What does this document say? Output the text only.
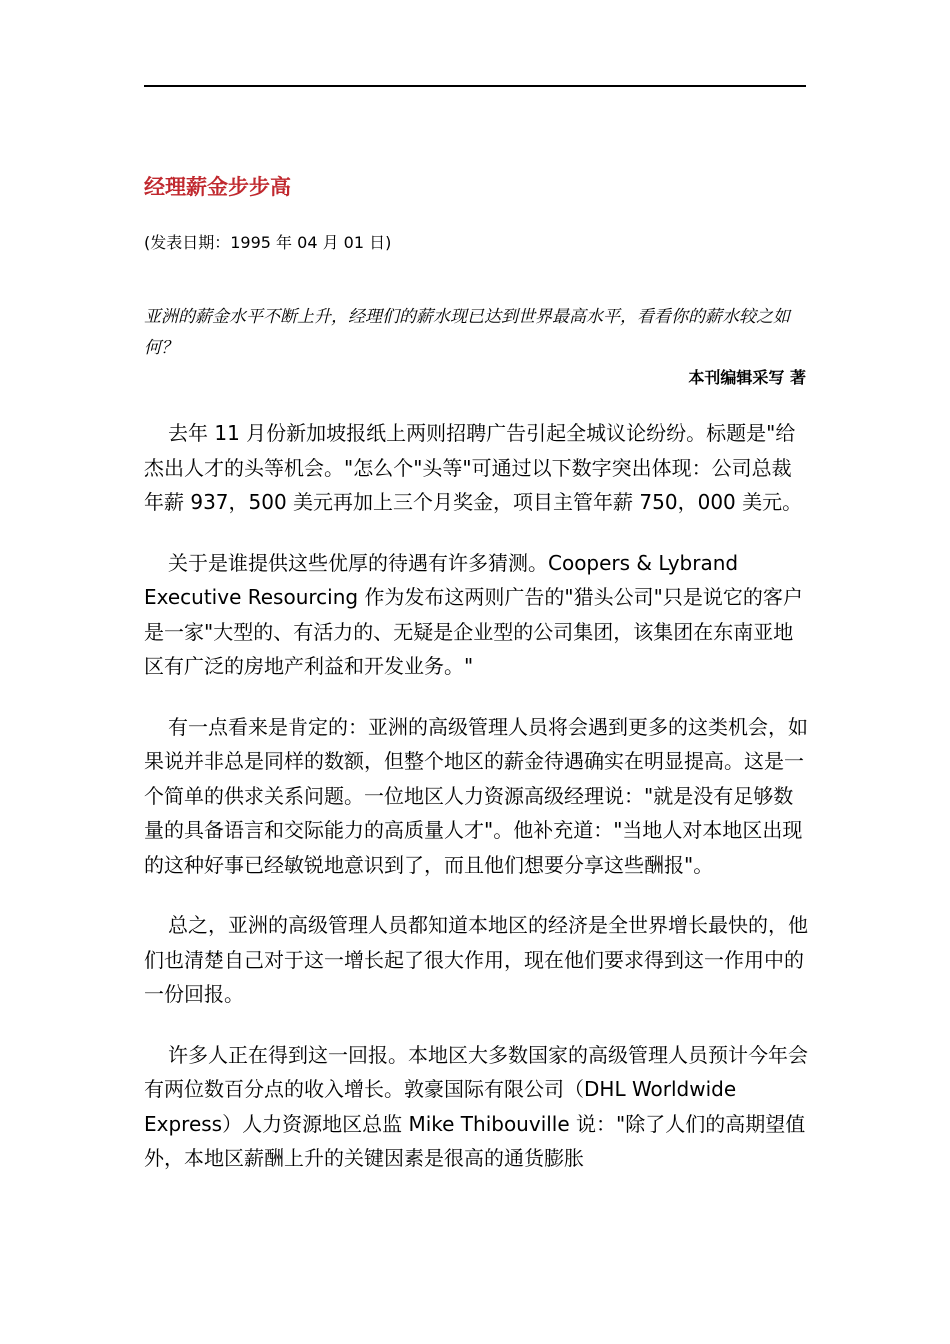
经理薪金步步高
(发表日期：1995 年 04 月 01 日)
亚洲的薪金水平不断上升，经理们的薪水现已达到世界最高水平，看看你的薪水较之如何？
本刊编辑采写 著

去年 11 月份新加坡报纸上两则招聘广告引起全城议论纷纷。标题是"给杰出人才的头等机会。"怎么个"头等"可通过以下数字突出体现：公司总裁年薪 937，500 美元再加上三个月奖金，项目主管年薪 750，000 美元。

关于是谁提供这些优厚的待遇有许多猜测。Coopers & Lybrand Executive Resourcing 作为发布这两则广告的"猎头公司"只是说它的客户是一家"大型的、有活力的、无疑是企业型的公司集团，该集团在东南亚地区有广泛的房地产利益和开发业务。"

有一点看来是肯定的：亚洲的高级管理人员将会遇到更多的这类机会，如果说并非总是同样的数额，但整个地区的薪金待遇确实在明显提高。这是一个简单的供求关系问题。一位地区人力资源高级经理说："就是没有足够数量的具备语言和交际能力的高质量人才"。他补充道："当地人对本地区出现的这种好事已经敏锐地意识到了，而且他们想要分享这些酬报"。

总之，亚洲的高级管理人员都知道本地区的经济是全世界增长最快的，他们也清楚自己对于这一增长起了很大作用，现在他们要求得到这一作用中的一份回报。

许多人正在得到这一回报。本地区大多数国家的高级管理人员预计今年会有两位数百分点的收入增长。敦豪国际有限公司（DHL Worldwide Express）人力资源地区总监 Mike Thibouville 说："除了人们的高期望值外，本地区薪酬上升的关键因素是很高的通货膨胀
